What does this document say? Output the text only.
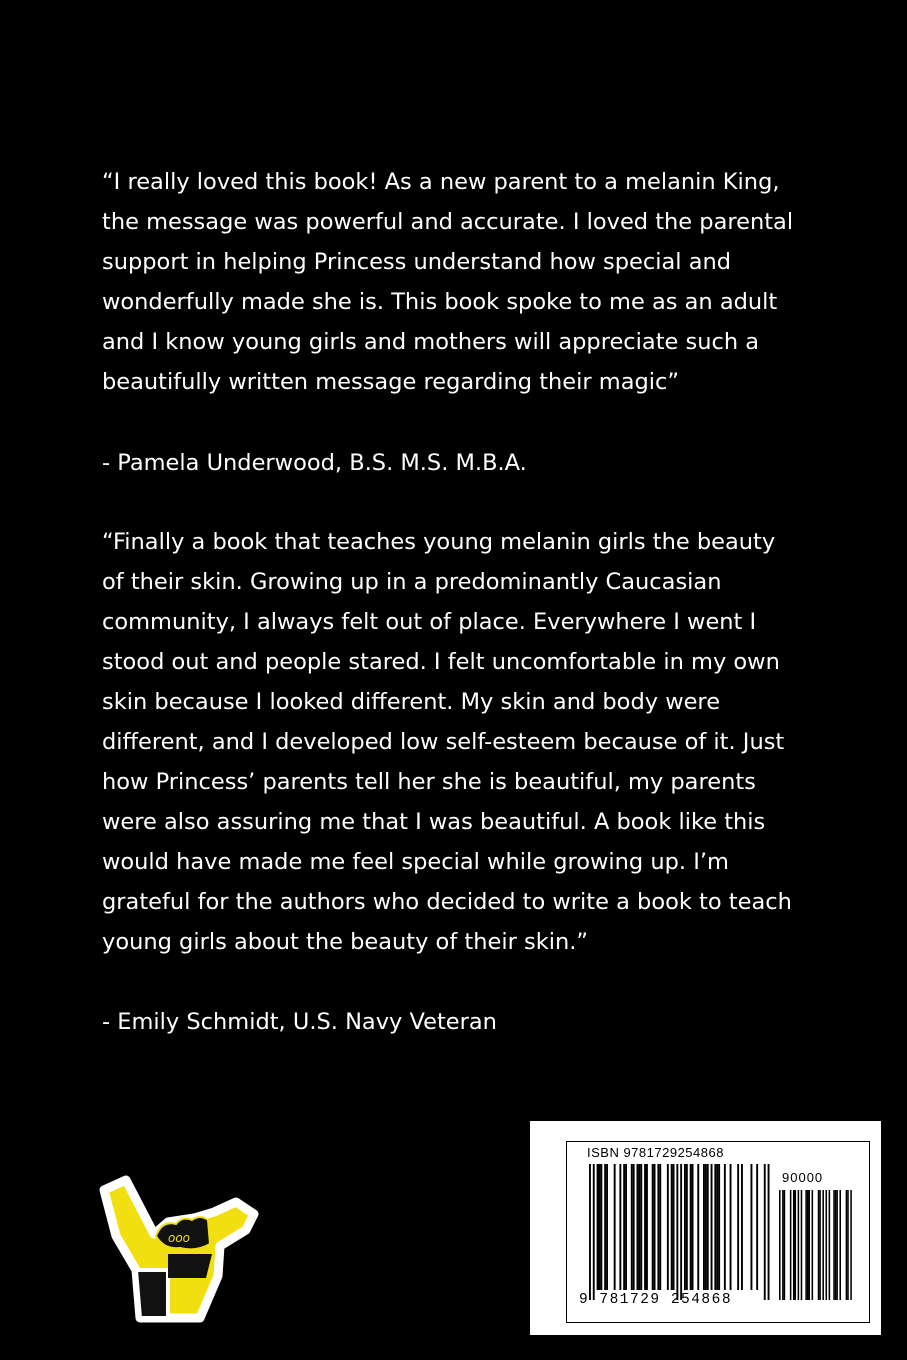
“I really loved this book! As a new parent to a melanin King,
the message was powerful and accurate. I loved the parental
support in helping Princess understand how special and
wonderfully made she is. This book spoke to me as an adult
and I know young girls and mothers will appreciate such a
beautifully written message regarding their magic”

- Pamela Underwood, B.S. M.S. M.B.A.

“Finally a book that teaches young melanin girls the beauty
of their skin. Growing up in a predominantly Caucasian
community, I always felt out of place. Everywhere I went I
stood out and people stared. I felt uncomfortable in my own
skin because I looked different. My skin and body were
different, and I developed low self-esteem because of it. Just
how Princess’ parents tell her she is beautiful, my parents
were also assuring me that I was beautiful. A book like this
would have made me feel special while growing up. I’m
grateful for the authors who decided to write a book to teach
young girls about the beauty of their skin.”

- Emily Schmidt, U.S. Navy Veteran

ooo
ISBN 9781729254868
90000
9 781729 254868
